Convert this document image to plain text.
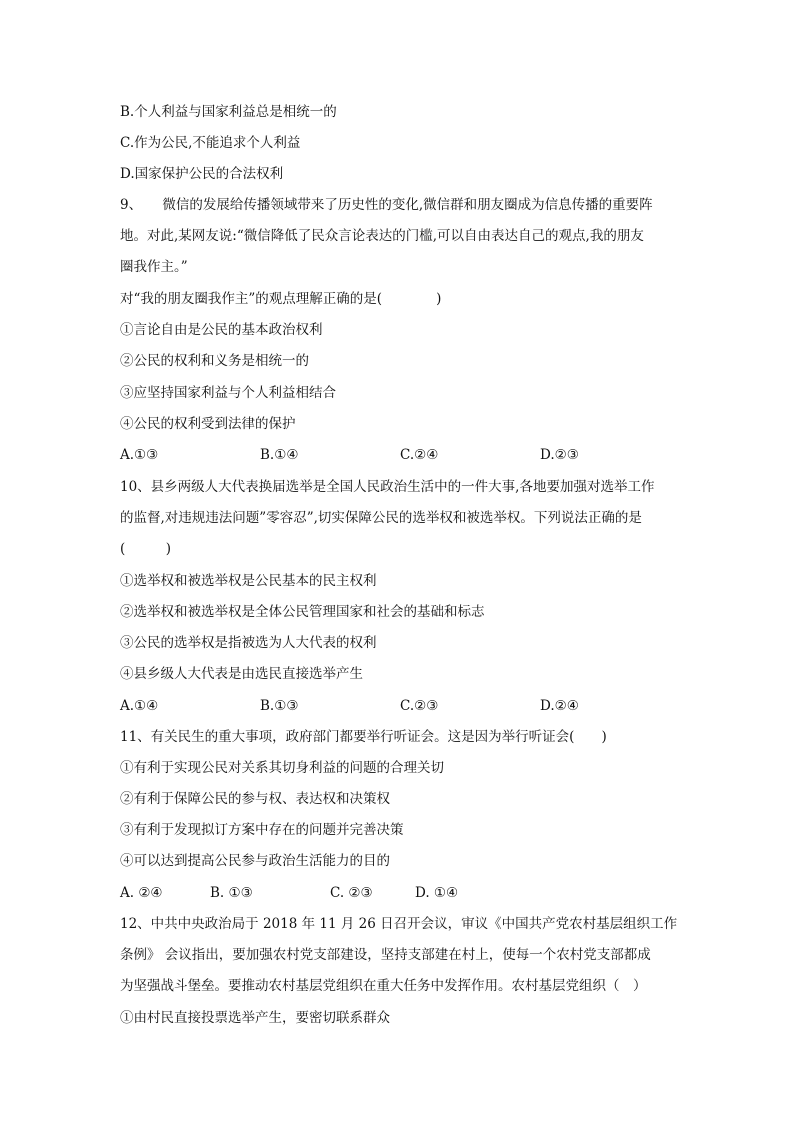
B.个人利益与国家利益总是相统一的
C.作为公民,不能追求个人利益
D.国家保护公民的合法权利
9、　　微信的发展给传播领域带来了历史性的变化,微信群和朋友圈成为信息传播的重要阵
地。对此,某网友说:“微信降低了民众言论表达的门槛,可以自由表达自己的观点,我的朋友
圈我作主。”
对“我的朋友圈我作主”的观点理解正确的是(　　　　)
①言论自由是公民的基本政治权利
②公民的权利和义务是相统一的
③应坚持国家利益与个人利益相结合
④公民的权利受到法律的保护
A.①③	B.①④	C.②④	D.②③
10、县乡两级人大代表换届选举是全国人民政治生活中的一件大事,各地要加强对选举工作
的监督,对违规违法问题”零容忍”,切实保障公民的选举权和被选举权。下列说法正确的是
(　　　)
①选举权和被选举权是公民基本的民主权利
②选举权和被选举权是全体公民管理国家和社会的基础和标志
③公民的选举权是指被选为人大代表的权利
④县乡级人大代表是由选民直接选举产生
A.①④	B.①③	C.②③	D.②④
11、有关民生的重大事项，政府部门都要举行听证会。这是因为举行听证会(　　)
①有利于实现公民对关系其切身利益的问题的合理关切
②有利于保障公民的参与权、表达权和决策权
③有利于发现拟订方案中存在的问题并完善决策
④可以达到提高公民参与政治生活能力的目的
A. ②④	B. ①③	C. ②③	D. ①④
12、中共中央政治局于 2018 年 11 月 26 日召开会议，审议《中国共产党农村基层组织工作
条例》 会议指出，要加强农村党支部建设，坚持支部建在村上，使每一个农村党支部都成
为坚强战斗堡垒。要推动农村基层党组织在重大任务中发挥作用。农村基层党组织（　）
①由村民直接投票选举产生，要密切联系群众
